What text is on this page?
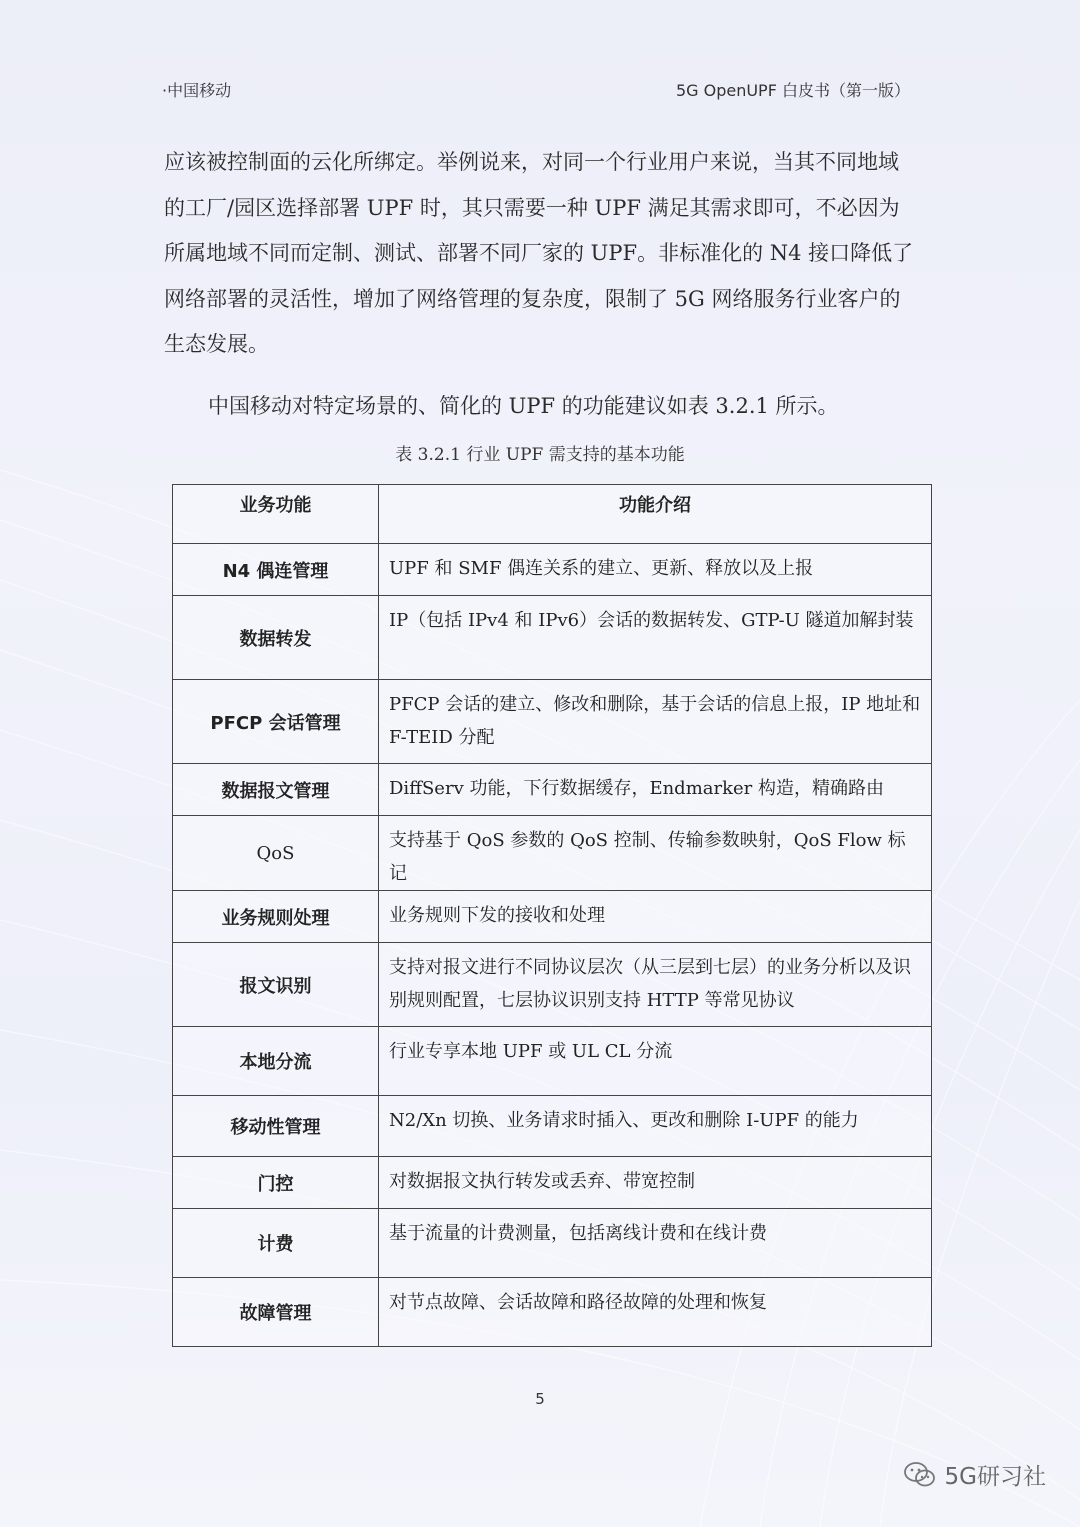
·中国移动	5G OpenUPF 白皮书（第一版）

应该被控制面的云化所绑定。举例说来，对同一个行业用户来说，当其不同地域的工厂/园区选择部署 UPF 时，其只需要一种 UPF 满足其需求即可，不必因为所属地域不同而定制、测试、部署不同厂家的 UPF。非标准化的 N4 接口降低了网络部署的灵活性，增加了网络管理的复杂度，限制了 5G 网络服务行业客户的生态发展。

中国移动对特定场景的、简化的 UPF 的功能建议如表 3.2.1 所示。
表 3.2.1 行业 UPF 需支持的基本功能
业务功能	功能介绍
N4 偶连管理	UPF 和 SMF 偶连关系的建立、更新、释放以及上报
数据转发	IP（包括 IPv4 和 IPv6）会话的数据转发、GTP-U 隧道加解封装
PFCP 会话管理	PFCP 会话的建立、修改和删除，基于会话的信息上报，IP 地址和 F-TEID 分配
数据报文管理	DiffServ 功能，下行数据缓存，Endmarker 构造，精确路由
QoS	支持基于 QoS 参数的 QoS 控制、传输参数映射，QoS Flow 标记
业务规则处理	业务规则下发的接收和处理
报文识别	支持对报文进行不同协议层次（从三层到七层）的业务分析以及识别规则配置，七层协议识别支持 HTTP 等常见协议
本地分流	行业专享本地 UPF 或 UL CL 分流
移动性管理	N2/Xn 切换、业务请求时插入、更改和删除 I-UPF 的能力
门控	对数据报文执行转发或丢弃、带宽控制
计费	基于流量的计费测量，包括离线计费和在线计费
故障管理	对节点故障、会话故障和路径故障的处理和恢复
5
5G研习社
